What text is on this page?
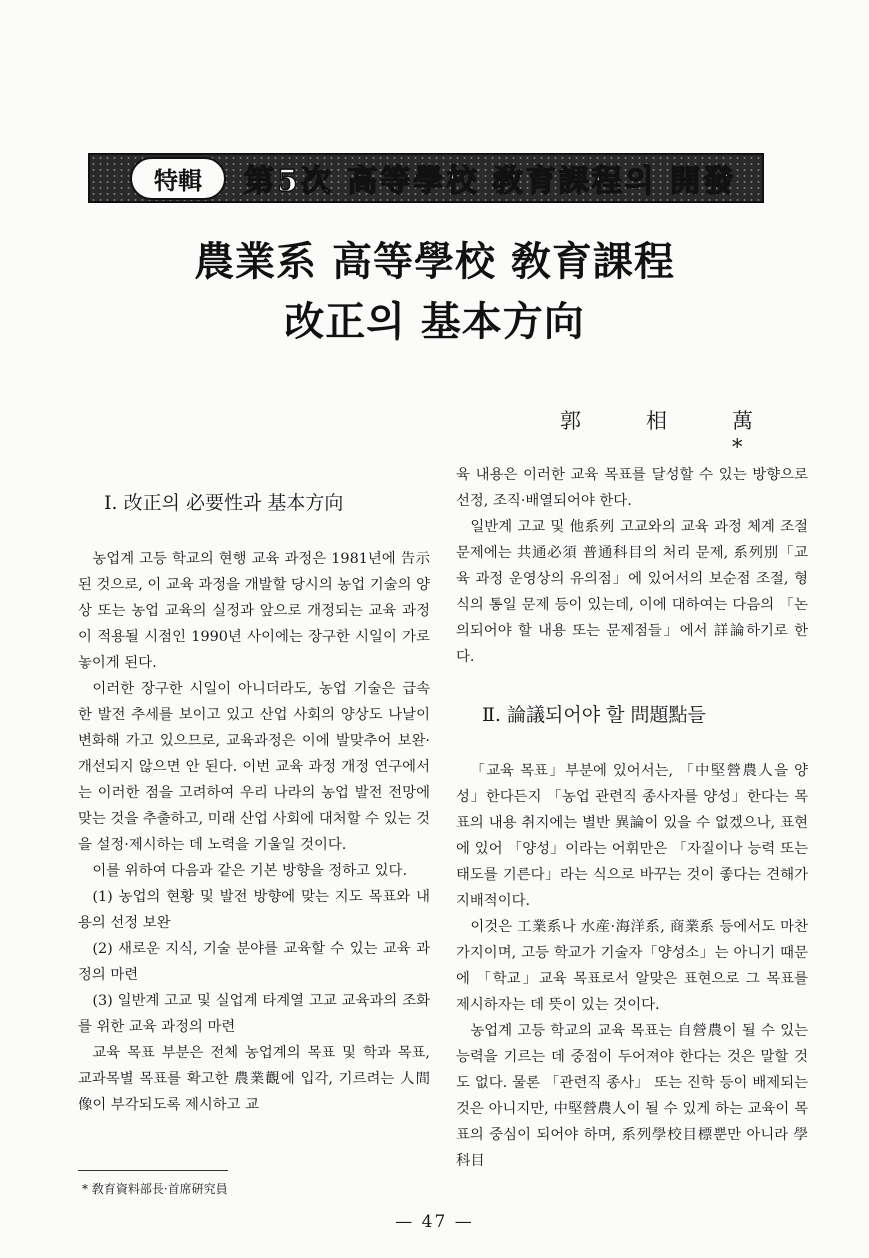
特輯	第5次 高等學校 敎育課程의 開發
農業系 高等學校 敎育課程
改正의 基本方向
郭	相	萬*

Ⅰ. 改正의 必要性과 基本方向

농업계 고등 학교의 현행 교육 과정은 1981년에 告示된 것으로, 이 교육 과정을 개발할 당시의 농업 기술의 양상 또는 농업 교육의 실정과 앞으로 개정되는 교육 과정이 적용될 시점인 1990년 사이에는 장구한 시일이 가로놓이게 된다.

이러한 장구한 시일이 아니더라도, 농업 기술은 급속한 발전 추세를 보이고 있고 산업 사회의 양상도 나날이 변화해 가고 있으므로, 교육과정은 이에 발맞추어 보완·개선되지 않으면 안 된다. 이번 교육 과정 개정 연구에서는 이러한 점을 고려하여 우리 나라의 농업 발전 전망에 맞는 것을 추출하고, 미래 산업 사회에 대처할 수 있는 것을 설정·제시하는 데 노력을 기울일 것이다.

이를 위하여 다음과 같은 기본 방향을 정하고 있다.

(1) 농업의 현황 및 발전 방향에 맞는 지도 목표와 내용의 선정 보완

(2) 새로운 지식, 기술 분야를 교육할 수 있는 교육 과정의 마련

(3) 일반계 고교 및 실업계 타계열 고교 교육과의 조화를 위한 교육 과정의 마련

교육 목표 부분은 전체 농업계의 목표 및 학과 목표, 교과목별 목표를 확고한 農業觀에 입각, 기르려는 人間像이 부각되도록 제시하고 교

육 내용은 이러한 교육 목표를 달성할 수 있는 방향으로 선정, 조직·배열되어야 한다.

일반계 고교 및 他系列 고교와의 교육 과정 체계 조절 문제에는 共通必須 普通科目의 처리 문제, 系列別「교육 과정 운영상의 유의점」에 있어서의 보순점 조절, 형식의 통일 문제 등이 있는데, 이에 대하여는 다음의 「논의되어야 할 내용 또는 문제점들」에서 詳論하기로 한다.

Ⅱ. 論議되어야 할 問題點들

「교육 목표」부분에 있어서는, 「中堅營農人을 양성」한다든지 「농업 관련직 종사자를 양성」한다는 목표의 내용 취지에는 별반 異論이 있을 수 없겠으나, 표현에 있어 「양성」이라는 어휘만은 「자질이나 능력 또는 태도를 기른다」라는 식으로 바꾸는 것이 좋다는 견해가 지배적이다.

이것은 工業系나 水産·海洋系, 商業系 등에서도 마찬가지이며, 고등 학교가 기술자「양성소」는 아니기 때문에 「학교」교육 목표로서 알맞은 표현으로 그 목표를 제시하자는 데 뜻이 있는 것이다.

농업계 고등 학교의 교육 목표는 自營農이 될 수 있는 능력을 기르는 데 중점이 두어져야 한다는 것은 말할 것도 없다. 물론 「관련직 종사」 또는 진학 등이 배제되는 것은 아니지만, 中堅營農人이 될 수 있게 하는 교육이 목표의 중심이 되어야 하며, 系列學校目標뿐만 아니라 學科目

* 敎育資料部長·首席硏究員
— 47 —
